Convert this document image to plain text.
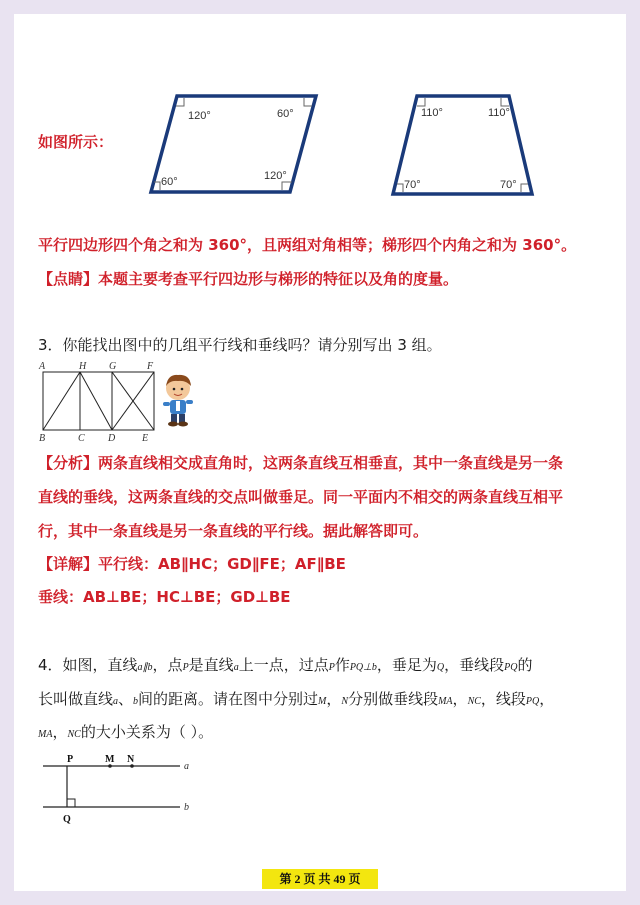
如图所示：
120°	60°
60°	120°
110°	110°
70°	70°
平行四边形四个角之和为 360°，且两组对角相等；梯形四个内角之和为 360°。
【点睛】本题主要考查平行四边形与梯形的特征以及角的度量。
3．你能找出图中的几组平行线和垂线吗？请分别写出 3 组。
A	H G	F
B	C D	E
【分析】两条直线相交成直角时，这两条直线互相垂直，其中一条直线是另一条
直线的垂线，这两条直线的交点叫做垂足。同一平面内不相交的两条直线互相平
行，其中一条直线是另一条直线的平行线。据此解答即可。
【详解】平行线：AB∥HC；GD∥FE；AF∥BE
垂线：AB⊥BE；HC⊥BE；GD⊥BE
4．如图，直线a∥b，点P是直线a上一点，过点P作PQ⊥b，垂足为Q，垂线段PQ的
长叫做直线a、b间的距离。请在图中分别过M，N分别做垂线段MA，NC，线段PQ，
MA，NC的大小关系为（ ）。
P	M N
a
b
Q
第 2 页 共 49 页
